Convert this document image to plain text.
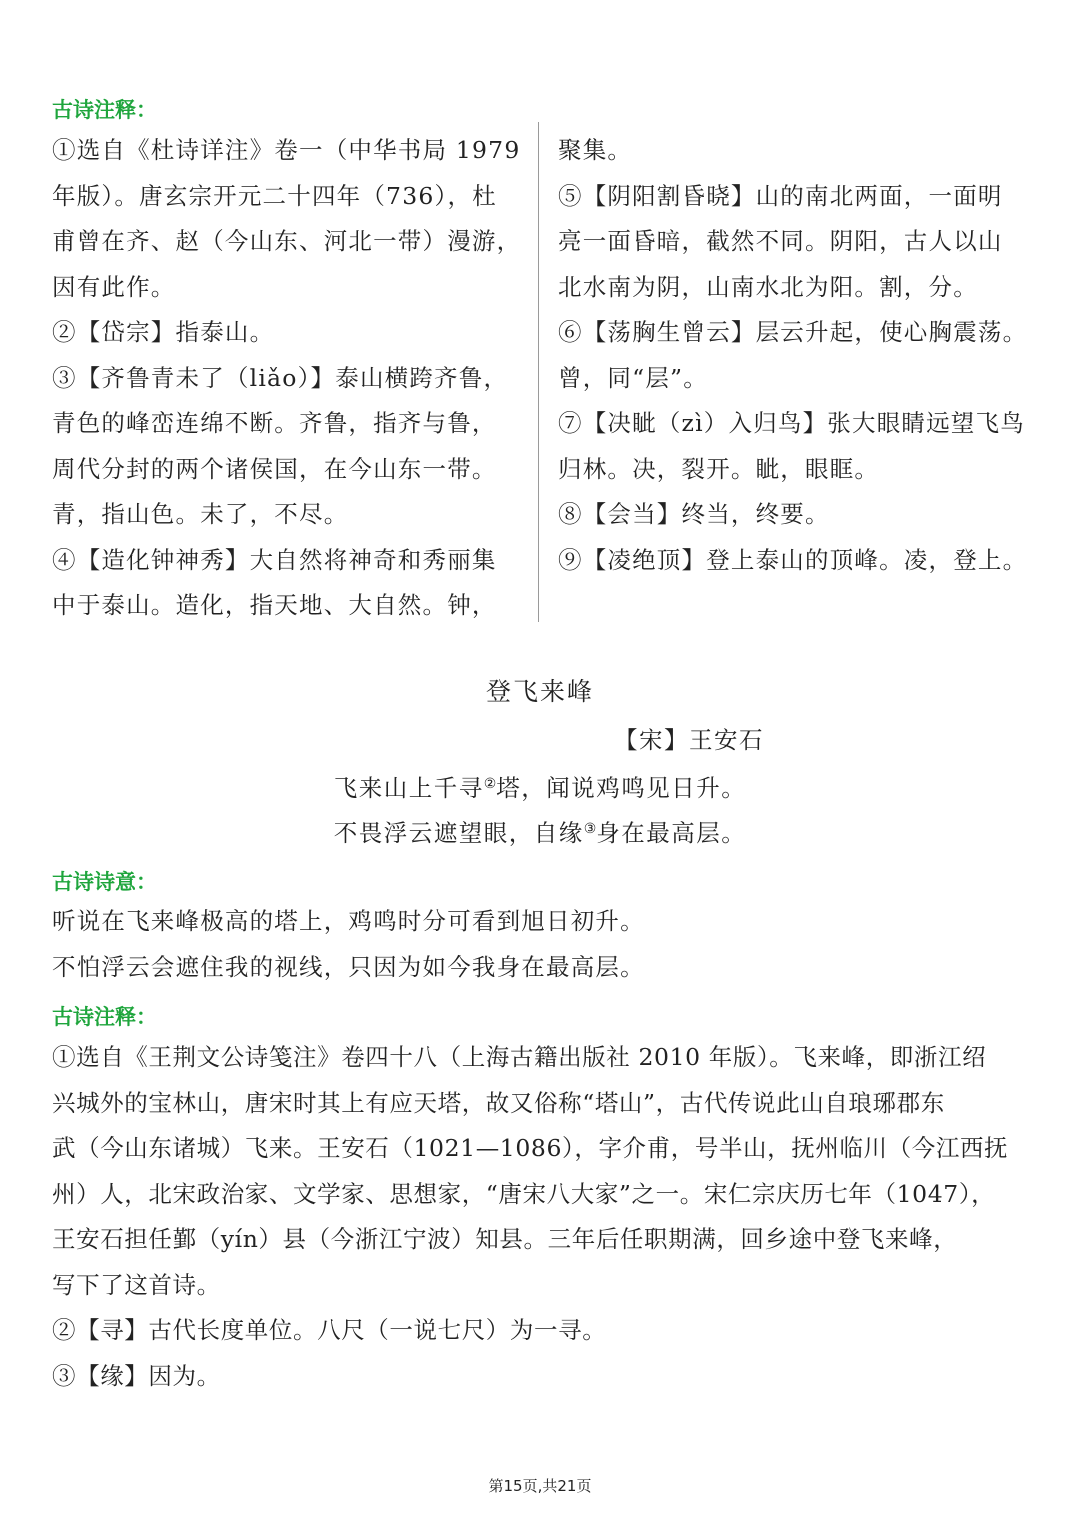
古诗注释：

①选自《杜诗详注》卷一（中华书局 1979

年版）。唐玄宗开元二十四年（736），杜

甫曾在齐、赵（今山东、河北一带）漫游，

因有此作。

②【岱宗】指泰山。

③【齐鲁青未了（liǎo）】泰山横跨齐鲁，

青色的峰峦连绵不断。齐鲁，指齐与鲁，

周代分封的两个诸侯国，在今山东一带。

青，指山色。未了，不尽。

④【造化钟神秀】大自然将神奇和秀丽集

中于泰山。造化，指天地、大自然。钟，

聚集。

⑤【阴阳割昏晓】山的南北两面，一面明

亮一面昏暗，截然不同。阴阳，古人以山

北水南为阴，山南水北为阳。割，分。

⑥【荡胸生曾云】层云升起，使心胸震荡。

曾，同“层”。

⑦【决眦（zì）入归鸟】张大眼睛远望飞鸟

归林。决，裂开。眦，眼眶。

⑧【会当】终当，终要。

⑨【凌绝顶】登上泰山的顶峰。凌，登上。

登飞来峰
【宋】王安石
飞来山上千寻②塔，闻说鸡鸣见日升。
不畏浮云遮望眼，自缘③身在最高层。
古诗诗意：

听说在飞来峰极高的塔上，鸡鸣时分可看到旭日初升。

不怕浮云会遮住我的视线，只因为如今我身在最高层。

古诗注释：

①选自《王荆文公诗笺注》卷四十八（上海古籍出版社 2010 年版）。飞来峰，即浙江绍

兴城外的宝林山，唐宋时其上有应天塔，故又俗称“塔山”，古代传说此山自琅琊郡东

武（今山东诸城）飞来。王安石（1021—1086），字介甫，号半山，抚州临川（今江西抚

州）人，北宋政治家、文学家、思想家，“唐宋八大家”之一。宋仁宗庆历七年（1047），

王安石担任鄞（yín）县（今浙江宁波）知县。三年后任职期满，回乡途中登飞来峰，

写下了这首诗。

②【寻】古代长度单位。八尺（一说七尺）为一寻。

③【缘】因为。

第15页,共21页
